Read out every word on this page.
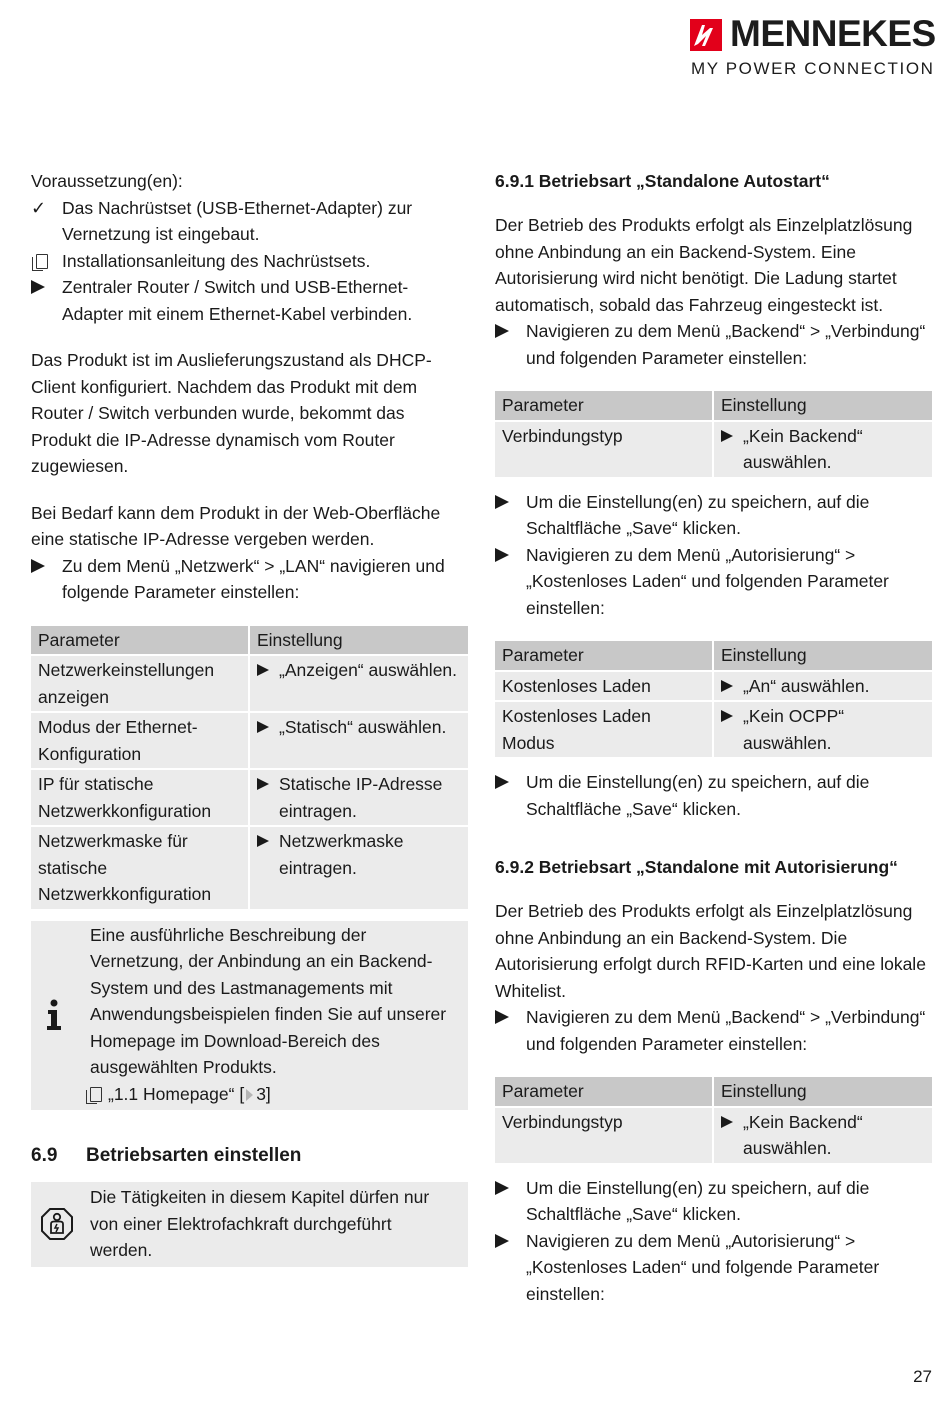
MENNEKES
MY POWER CONNECTION

Voraussetzung(en):

✓ Das Nachrüstset (USB-Ethernet-Adapter) zur Vernetzung ist eingebaut.
Installationsanleitung des Nachrüstsets.
Zentraler Router / Switch und USB-Ethernet-Adapter mit einem Ethernet-Kabel verbinden.

Das Produkt ist im Auslieferungszustand als DHCP-Client konfiguriert. Nachdem das Produkt mit dem Router / Switch verbunden wurde, bekommt das Produkt die IP-Adresse dynamisch vom Router zugewiesen.

Bei Bedarf kann dem Produkt in der Web-Oberfläche eine statische IP-Adresse vergeben werden.

Zu dem Menü „Netzwerk“ > „LAN“ navigieren und folgende Parameter einstellen:
Parameter	Einstellung
Netzwerkeinstellungen anzeigen	„Anzeigen“ auswählen.

Modus der Ethernet-Konfiguration	„Statisch“ auswählen.

IP für statische Netzwerkkonfiguration	Statische IP-Adresse eintragen.

Netzwerkmaske für statische Netzwerkkonfiguration	Netzwerkmaske eintragen.

Eine ausführliche Beschreibung der Vernetzung, der Anbindung an ein Backend-System und des Lastmanagements mit Anwendungsbeispielen finden Sie auf unserer Homepage im Download-Bereich des ausgewählten Produkts.

„1.1 Homepage“ [ 3]

6.9 Betriebsarten einstellen

Die Tätigkeiten in diesem Kapitel dürfen nur von einer Elektrofachkraft durchgeführt werden.

6.9.1 Betriebsart „Standalone Autostart“

Der Betrieb des Produkts erfolgt als Einzelplatzlösung ohne Anbindung an ein Backend-System. Eine Autorisierung wird nicht benötigt. Die Ladung startet automatisch, sobald das Fahrzeug eingesteckt ist.

Navigieren zu dem Menü „Backend“ > „Verbindung“ und folgenden Parameter einstellen:
Parameter	Einstellung
Verbindungstyp	„Kein Backend“ auswählen.
Um die Einstellung(en) zu speichern, auf die Schaltfläche „Save“ klicken.
Navigieren zu dem Menü „Autorisierung“ > „Kostenloses Laden“ und folgenden Parameter einstellen:
Parameter	Einstellung
Kostenloses Laden	„An“ auswählen.

Kostenloses Laden Modus	„Kein OCPP“ auswählen.
Um die Einstellung(en) zu speichern, auf die Schaltfläche „Save“ klicken.
6.9.2 Betriebsart „Standalone mit Autorisierung“

Der Betrieb des Produkts erfolgt als Einzelplatzlösung ohne Anbindung an ein Backend-System. Die Autorisierung erfolgt durch RFID-Karten und eine lokale Whitelist.

Navigieren zu dem Menü „Backend“ > „Verbindung“ und folgenden Parameter einstellen:
Parameter	Einstellung
Verbindungstyp	„Kein Backend“ auswählen.
Um die Einstellung(en) zu speichern, auf die Schaltfläche „Save“ klicken.
Navigieren zu dem Menü „Autorisierung“ > „Kostenloses Laden“ und folgende Parameter einstellen:
27
